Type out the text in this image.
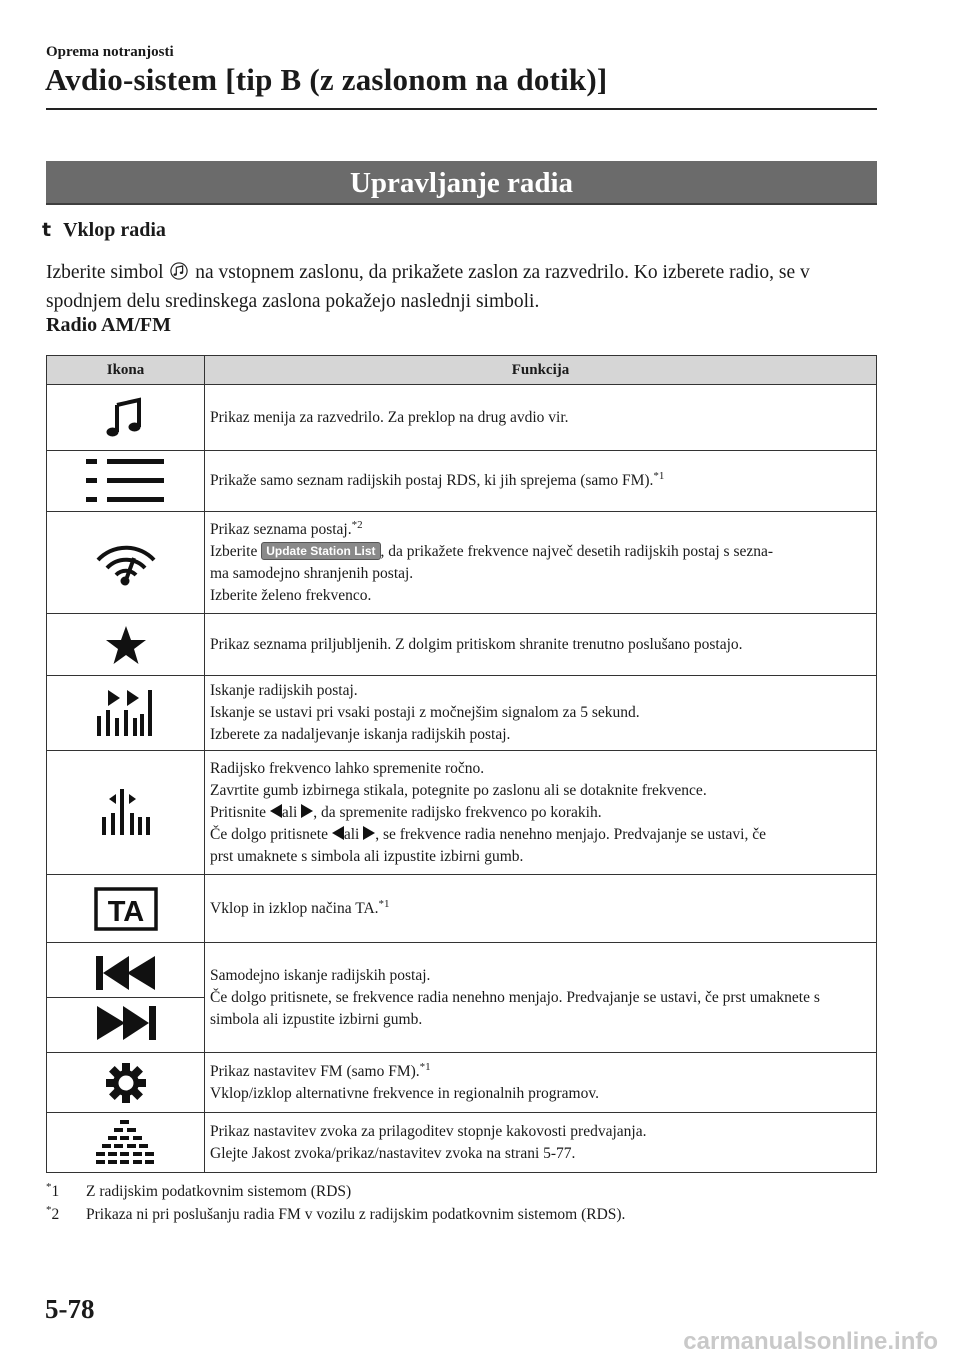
Oprema notranjosti
Avdio-sistem [tip B (z zaslonom na dotik)]
Upravljanje radia
t Vklop radia
Izberite simbol na vstopnem zaslonu, da prikažete zaslon za razvedrilo. Ko izberete radio, se v spodnjem delu sredinskega zaslona pokažejo naslednji simboli.
Radio AM/FM
Ikona	Funkcija

	Prikaz menija za razvedrilo. Za preklop na drug avdio vir.

	Prikaže samo seznam radijskih postaj RDS, ki jih sprejema (samo FM).$^{*1}$

Prikaz seznama postaj.$^{*2}$
Izberite Update Station List , da prikažete frekvence največ desetih radijskih postaj s sezna-
ma samodejno shranjenih postaj.
Izberite želeno frekvenco.

	Prikaz seznama priljubljenih. Z dolgim pritiskom shranite trenutno poslušano postajo.

Iskanje radijskih postaj.
Iskanje se ustavi pri vsaki postaji z močnejšim signalom za 5 sekund.
Izberete za nadaljevanje iskanja radijskih postaj.

Radijsko frekvenco lahko spremenite ročno.
Zavrtite gumb izbirnega stikala, potegnite po zaslonu ali se dotaknite frekvence.
Pritisnite ali , da spremenite radijsko frekvenco po korakih.
Če dolgo pritisnete ali , se frekvence radia nenehno menjajo. Predvajanje se ustavi, če
prst umaknete s simbola ali izpustite izbirni gumb.

TA	Vklop in izklop načina TA.$^{*1}$

Samodejno iskanje radijskih postaj.
Če dolgo pritisnete, se frekvence radia nenehno menjajo. Predvajanje se ustavi, če prst umaknete s simbola ali izpustite izbirni gumb.

Prikaz nastavitev FM (samo FM).$^{*1}$
Vklop/izklop alternativne frekvence in regionalnih programov.

Prikaz nastavitev zvoka za prilagoditev stopnje kakovosti predvajanja.
Glejte Jakost zvoka/prikaz/nastavitev zvoka na strani 5-77.
*1 Z radijskim podatkovnim sistemom (RDS)
*2 Prikaza ni pri poslušanju radia FM v vozilu z radijskim podatkovnim sistemom (RDS).
5-78
carmanualsonline.info
